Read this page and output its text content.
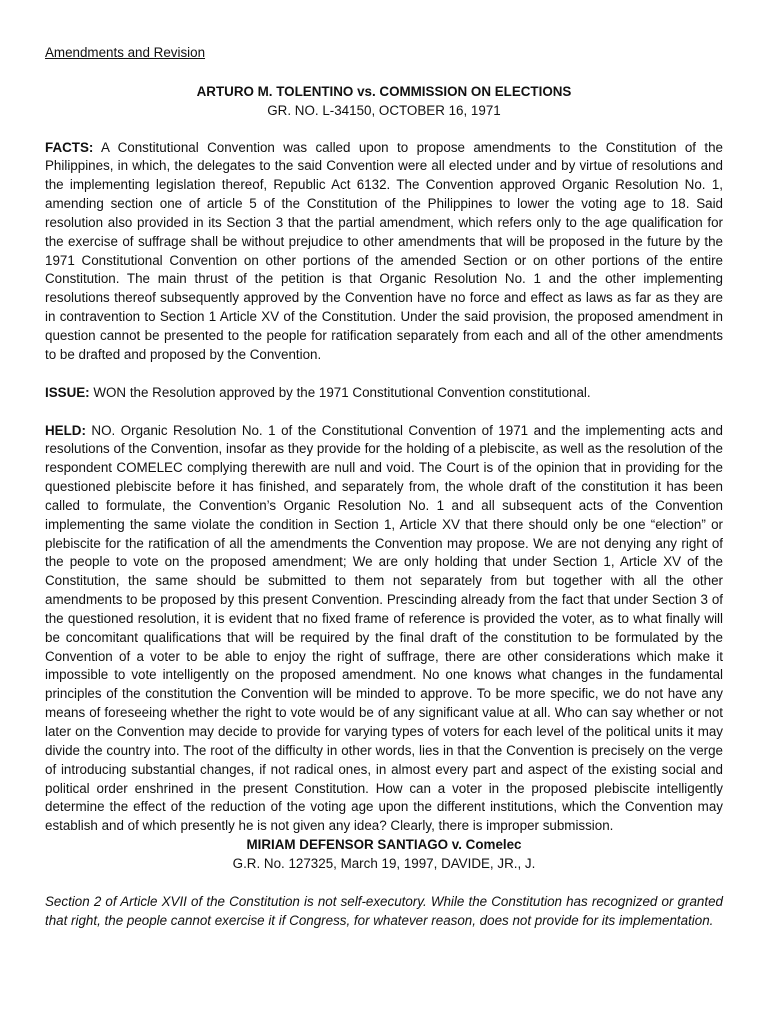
Amendments and Revision

ARTURO M. TOLENTINO vs. COMMISSION ON ELECTIONS

GR. NO. L-34150, OCTOBER 16, 1971

FACTS: A Constitutional Convention was called upon to propose amendments to the Constitution of the Philippines, in which, the delegates to the said Convention were all elected under and by virtue of resolutions and the implementing legislation thereof, Republic Act 6132. The Convention approved Organic Resolution No. 1, amending section one of article 5 of the Constitution of the Philippines to lower the voting age to 18. Said resolution also provided in its Section 3 that the partial amendment, which refers only to the age qualification for the exercise of suffrage shall be without prejudice to other amendments that will be proposed in the future by the 1971 Constitutional Convention on other portions of the amended Section or on other portions of the entire Constitution. The main thrust of the petition is that Organic Resolution No. 1 and the other implementing resolutions thereof subsequently approved by the Convention have no force and effect as laws as far as they are in contravention to Section 1 Article XV of the Constitution. Under the said provision, the proposed amendment in question cannot be presented to the people for ratification separately from each and all of the other amendments to be drafted and proposed by the Convention.

ISSUE: WON the Resolution approved by the 1971 Constitutional Convention constitutional.

HELD: NO. Organic Resolution No. 1 of the Constitutional Convention of 1971 and the implementing acts and resolutions of the Convention, insofar as they provide for the holding of a plebiscite, as well as the resolution of the respondent COMELEC complying therewith are null and void. The Court is of the opinion that in providing for the questioned plebiscite before it has finished, and separately from, the whole draft of the constitution it has been called to formulate, the Convention’s Organic Resolution No. 1 and all subsequent acts of the Convention implementing the same violate the condition in Section 1, Article XV that there should only be one “election” or plebiscite for the ratification of all the amendments the Convention may propose. We are not denying any right of the people to vote on the proposed amendment; We are only holding that under Section 1, Article XV of the Constitution, the same should be submitted to them not separately from but together with all the other amendments to be proposed by this present Convention. Prescinding already from the fact that under Section 3 of the questioned resolution, it is evident that no fixed frame of reference is provided the voter, as to what finally will be concomitant qualifications that will be required by the final draft of the constitution to be formulated by the Convention of a voter to be able to enjoy the right of suffrage, there are other considerations which make it impossible to vote intelligently on the proposed amendment. No one knows what changes in the fundamental principles of the constitution the Convention will be minded to approve. To be more specific, we do not have any means of foreseeing whether the right to vote would be of any significant value at all. Who can say whether or not later on the Convention may decide to provide for varying types of voters for each level of the political units it may divide the country into. The root of the difficulty in other words, lies in that the Convention is precisely on the verge of introducing substantial changes, if not radical ones, in almost every part and aspect of the existing social and political order enshrined in the present Constitution. How can a voter in the proposed plebiscite intelligently determine the effect of the reduction of the voting age upon the different institutions, which the Convention may establish and of which presently he is not given any idea? Clearly, there is improper submission.

MIRIAM DEFENSOR SANTIAGO v. Comelec

G.R. No. 127325, March 19, 1997, DAVIDE, JR., J.

Section 2 of Article XVII of the Constitution is not self-executory. While the Constitution has recognized or granted that right, the people cannot exercise it if Congress, for whatever reason, does not provide for its implementation.
